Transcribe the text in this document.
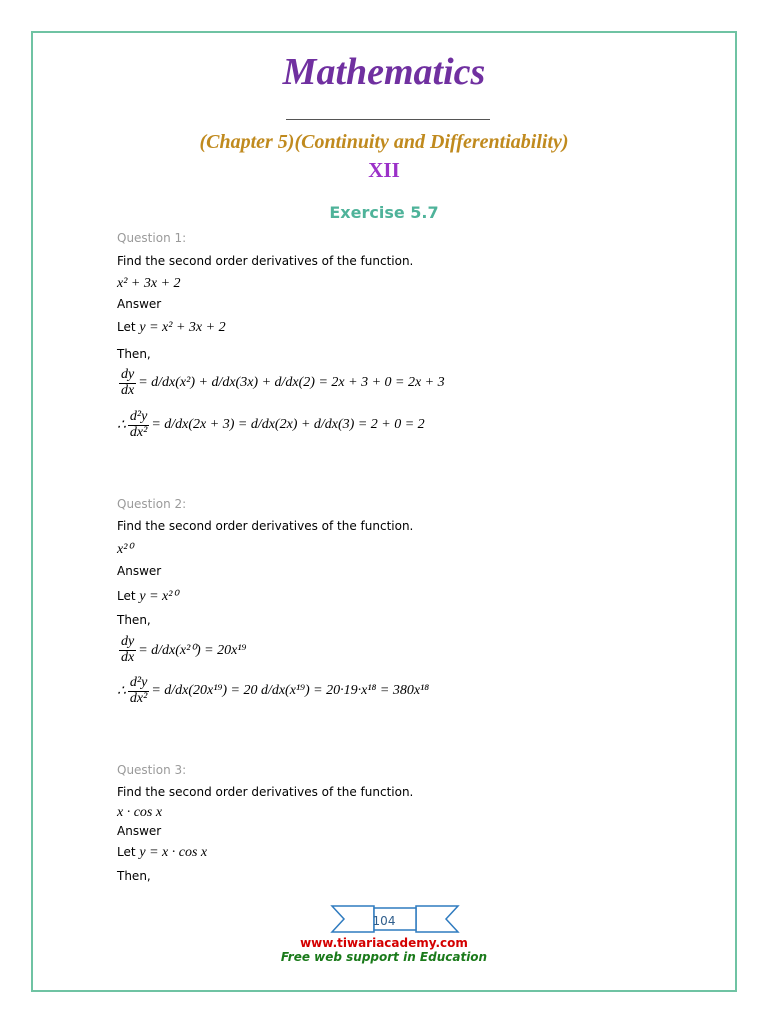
Mathematics
(Chapter 5)(Continuity and Differentiability)
XII
Exercise 5.7
Question 1:
Find the second order derivatives of the function.
x² + 3x + 2
Answer
Let y = x² + 3x + 2
Then,
$\frac{dy}{dx} = d/dx(x^2) + d/dx(3x) + d/dx(2) = 2x + 3 + 0 = 2x + 3$
∴ $\frac{\text{d²y}}{\text{dx²}} = d/dx(2x + 3) = d/dx(2x) + d/dx(3) = 2 + 0 = 2$
Question 2:
Find the second order derivatives of the function.
x²⁰
Answer
Let y = x²⁰
Then,
$\frac{dy}{dx} = d/dx(x^{20}) = 20x^{19}$
∴ $\frac{\text{d²y}}{\text{dx²}} = d/dx(20x^{19}) = 20$ d/dx(x¹⁹) = 20·19·x¹⁸ = 380x¹⁸
Question 3:
Find the second order derivatives of the function.
x · cos x
Answer
Let y = x · cos x
Then,
104
www.tiwariacademy.com
Free web support in Education
